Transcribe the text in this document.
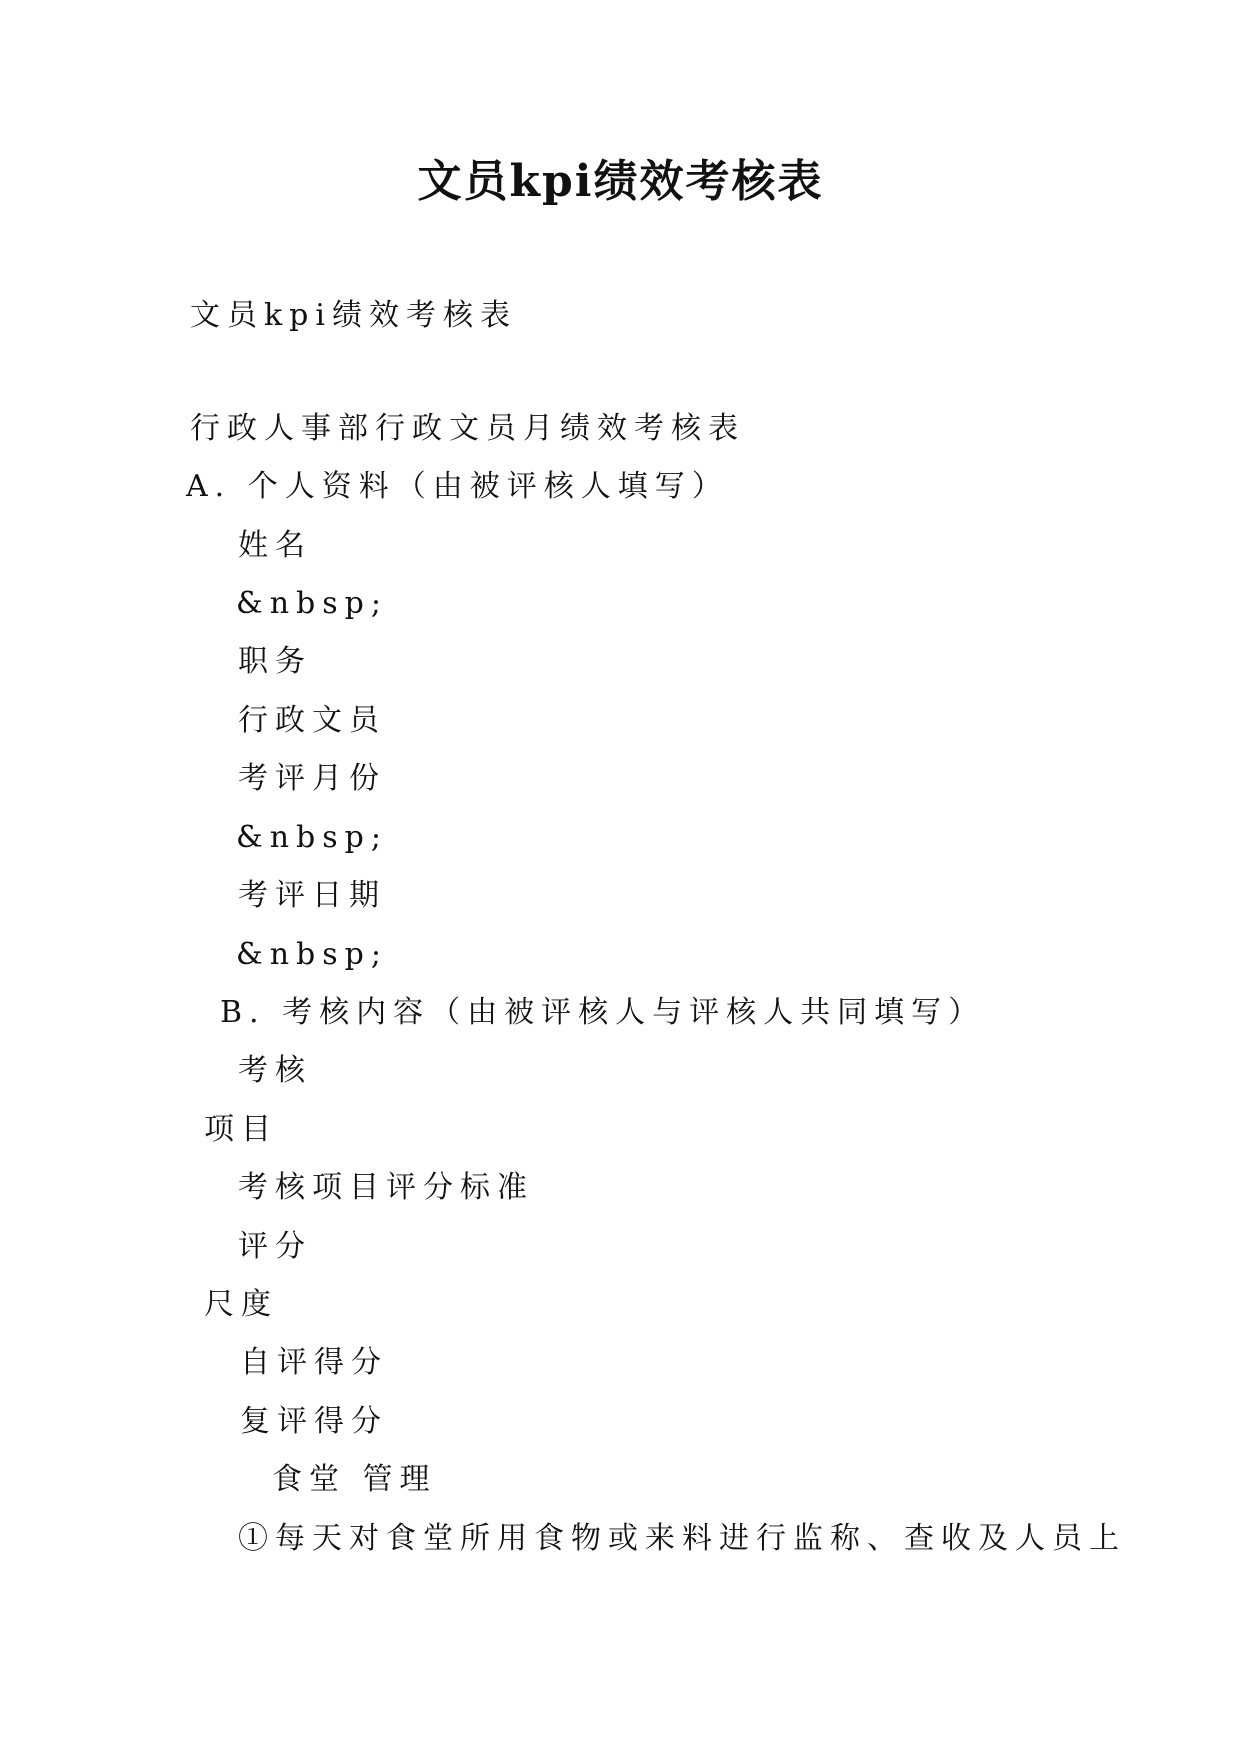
文员kpi绩效考核表
文员kpi绩效考核表
行政人事部行政文员月绩效考核表
A. 个人资料（由被评核人填写）
姓名
&nbsp;
职务
行政文员
考评月份
&nbsp;
考评日期
&nbsp;
B. 考核内容（由被评核人与评核人共同填写）
考核
项目
考核项目评分标准
评分
尺度
自评得分
复评得分
食堂 管理
①每天对食堂所用食物或来料进行监称、查收及人员上
